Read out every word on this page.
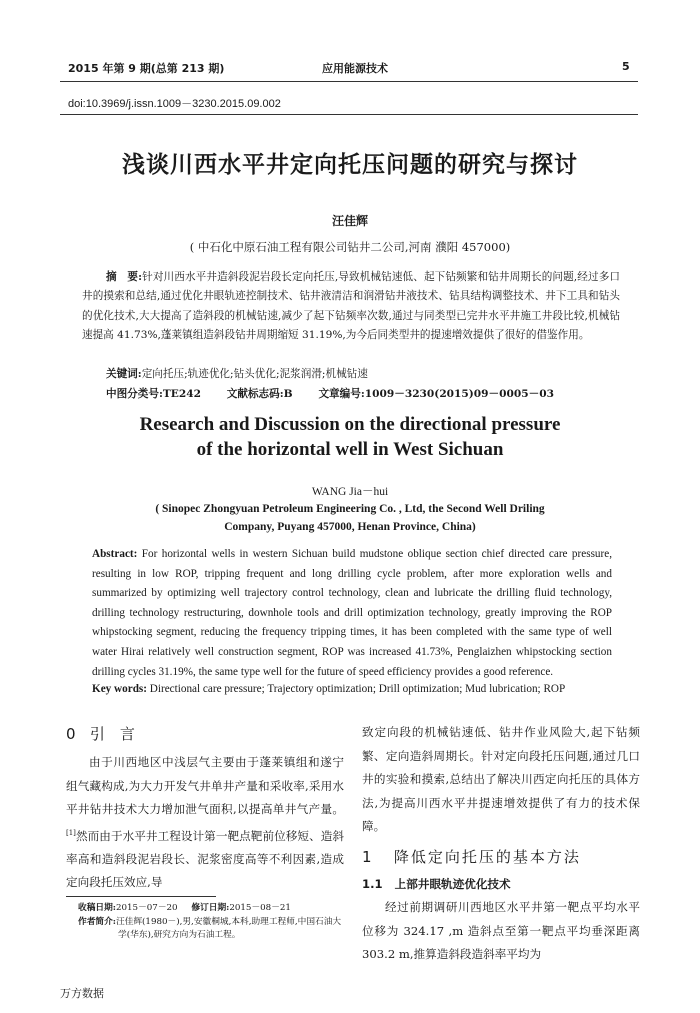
2015 年第 9 期(总第 213 期)	应用能源技术	5
doi:10.3969/j.issn.1009－3230.2015.09.002
浅谈川西水平井定向托压问题的研究与探讨
汪佳辉
( 中石化中原石油工程有限公司钻井二公司,河南 濮阳 457000)
摘　要:针对川西水平井造斜段泥岩段长定向托压,导致机械钻速低、起下钻频繁和钻井周期长的问题,经过多口井的摸索和总结,通过优化井眼轨迹控制技术、钻井液清洁和润滑钻井液技术、钻具结构调整技术、井下工具和钻头的优化技术,大大提高了造斜段的机械钻速,减少了起下钻频率次数,通过与同类型已完井水平井施工井段比较,机械钻速提高 41.73%,蓬莱镇组造斜段钻井周期缩短 31.19%,为今后同类型井的提速增效提供了很好的借鉴作用。
关键词:定向托压;轨迹优化;钻头优化;泥浆润滑;机械钻速
中图分类号:TE242 文献标志码:B 文章编号:1009－3230(2015)09－0005－03
Research and Discussion on the directional pressure
of the horizontal well in West Sichuan
WANG Jia－hui
( Sinopec Zhongyuan Petroleum Engineering Co. , Ltd, the Second Well Driling
Company, Puyang 457000, Henan Province, China)
Abstract: For horizontal wells in western Sichuan build mudstone oblique section chief directed care pressure, resulting in low ROP, tripping frequent and long drilling cycle problem, after more exploration wells and summarized by optimizing well trajectory control technology, clean and lubricate the drilling fluid technology, drilling technology restructuring, downhole tools and drill optimization technology, greatly improving the ROP whipstocking segment, reducing the frequency tripping times, it has been completed with the same type of well water Hirai relatively well construction segment, ROP was increased 41.73%, Penglaizhen whipstocking section drilling cycles 31.19%, the same type well for the future of speed efficiency provides a good reference.
Key words: Directional care pressure; Trajectory optimization; Drill optimization; Mud lubrication; ROP
0 引　言
由于川西地区中浅层气主要由于蓬莱镇组和遂宁组气藏构成,为大力开发气井单井产量和采收率,采用水平井钻井技术大力增加泄气面积,以提高单井气产量。[1]然而由于水平井工程设计第一靶点靶前位移短、造斜率高和造斜段泥岩段长、泥浆密度高等不利因素,造成定向段托压效应,导
收稿日期:2015－07－20 修订日期:2015－08－21
作者简介:汪佳辉(1980－),男,安徽桐城,本科,助理工程师,中国石油大学(华东),研究方向为石油工程。
致定向段的机械钻速低、钻井作业风险大,起下钻频繁、定向造斜周期长。针对定向段托压问题,通过几口井的实验和摸索,总结出了解决川西定向托压的具体方法,为提高川西水平井提速增效提供了有力的技术保障。
1 降低定向托压的基本方法
1.1 上部井眼轨迹优化技术
经过前期调研川西地区水平井第一靶点平均水平位移为 324.17 ,m 造斜点至第一靶点平均垂深距离 303.2 m,推算造斜段造斜率平均为
万方数据
